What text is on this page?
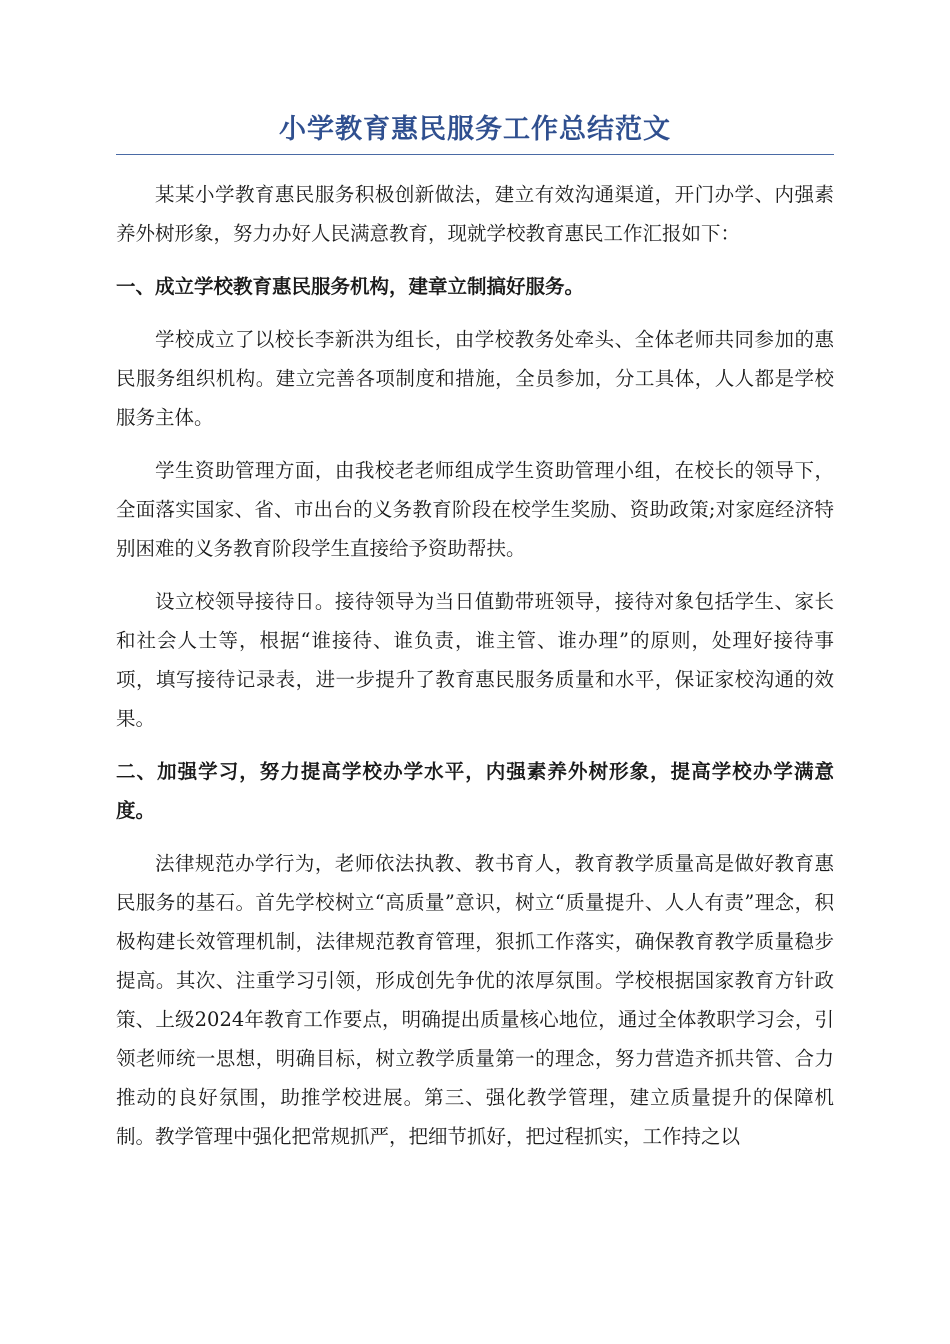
小学教育惠民服务工作总结范文

某某小学教育惠民服务积极创新做法，建立有效沟通渠道，开门办学、内强素养外树形象，努力办好人民满意教育，现就学校教育惠民工作汇报如下：

一、成立学校教育惠民服务机构，建章立制搞好服务。

学校成立了以校长李新洪为组长，由学校教务处牵头、全体老师共同参加的惠民服务组织机构。建立完善各项制度和措施，全员参加，分工具体，人人都是学校服务主体。

学生资助管理方面，由我校老老师组成学生资助管理小组，在校长的领导下，全面落实国家、省、市出台的义务教育阶段在校学生奖励、资助政策;对家庭经济特别困难的义务教育阶段学生直接给予资助帮扶。

设立校领导接待日。接待领导为当日值勤带班领导，接待对象包括学生、家长和社会人士等，根据“谁接待、谁负责，谁主管、谁办理”的原则，处理好接待事项，填写接待记录表，进一步提升了教育惠民服务质量和水平，保证家校沟通的效果。

二、加强学习，努力提高学校办学水平，内强素养外树形象，提高学校办学满意度。

法律规范办学行为，老师依法执教、教书育人，教育教学质量高是做好教育惠民服务的基石。首先学校树立“高质量”意识，树立“质量提升、人人有责”理念，积极构建长效管理机制，法律规范教育管理，狠抓工作落实，确保教育教学质量稳步提高。其次、注重学习引领，形成创先争优的浓厚氛围。学校根据国家教育方针政策、上级2024年教育工作要点，明确提出质量核心地位，通过全体教职学习会，引领老师统一思想，明确目标，树立教学质量第一的理念，努力营造齐抓共管、合力推动的良好氛围，助推学校进展。第三、强化教学管理，建立质量提升的保障机制。教学管理中强化把常规抓严，把细节抓好，把过程抓实，工作持之以
